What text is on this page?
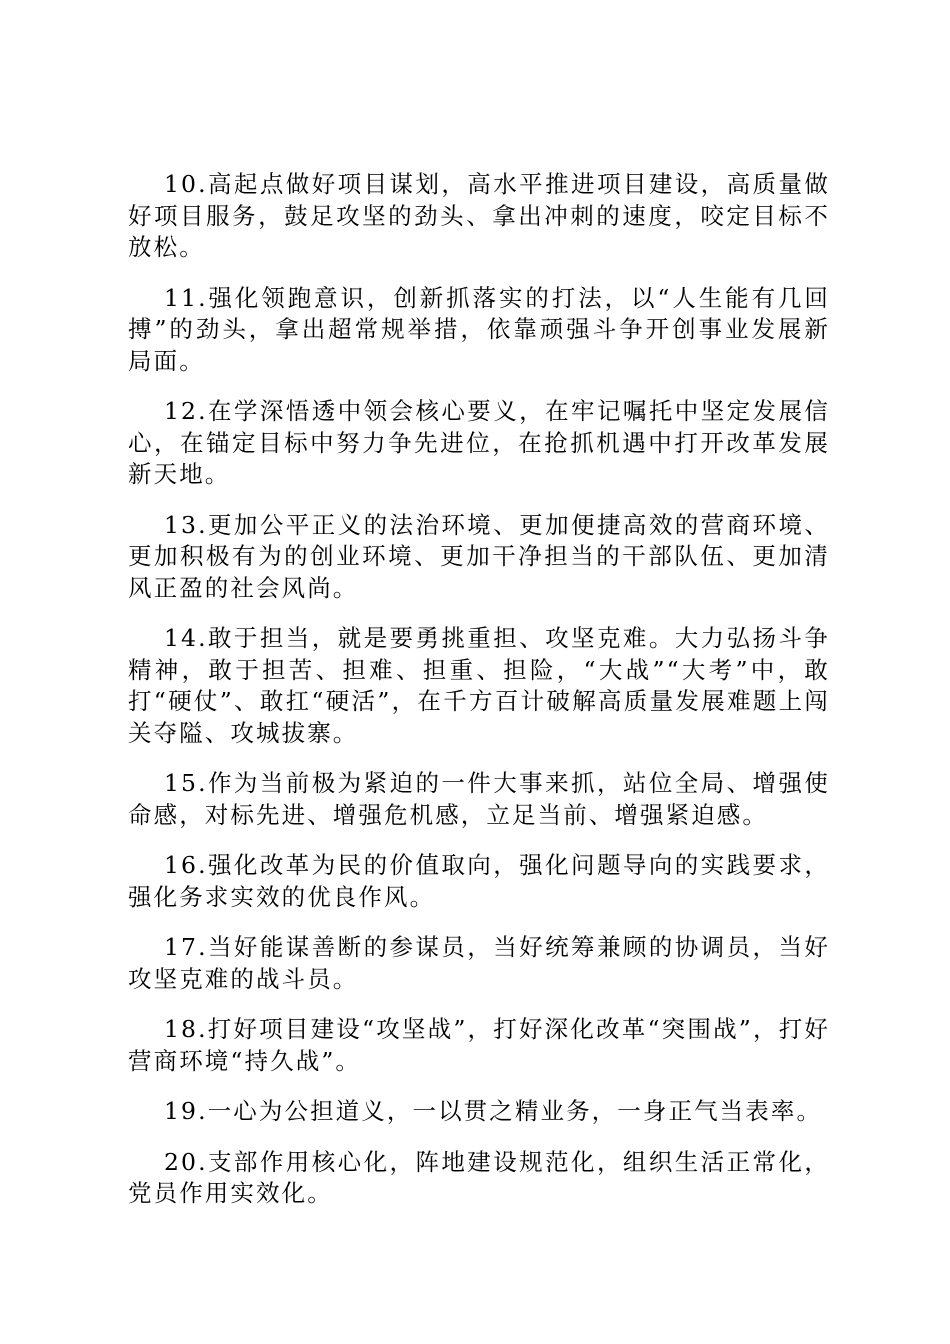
10.高起点做好项目谋划，高水平推进项目建设，高质量做好项目服务，鼓足攻坚的劲头、拿出冲刺的速度，咬定目标不放松。

11.强化领跑意识，创新抓落实的打法，以“人生能有几回搏”的劲头，拿出超常规举措，依靠顽强斗争开创事业发展新局面。

12.在学深悟透中领会核心要义，在牢记嘱托中坚定发展信心，在锚定目标中努力争先进位，在抢抓机遇中打开改革发展新天地。

13.更加公平正义的法治环境、更加便捷高效的营商环境、更加积极有为的创业环境、更加干净担当的干部队伍、更加清风正盈的社会风尚。

14.敢于担当，就是要勇挑重担、攻坚克难。大力弘扬斗争精神，敢于担苦、担难、担重、担险，“大战”“大考”中，敢打“硬仗”、敢扛“硬活”，在千方百计破解高质量发展难题上闯关夺隘、攻城拔寨。

15.作为当前极为紧迫的一件大事来抓，站位全局、增强使命感，对标先进、增强危机感，立足当前、增强紧迫感。

16.强化改革为民的价值取向，强化问题导向的实践要求，强化务求实效的优良作风。

17.当好能谋善断的参谋员，当好统筹兼顾的协调员，当好攻坚克难的战斗员。

18.打好项目建设“攻坚战”，打好深化改革“突围战”，打好营商环境“持久战”。

19.一心为公担道义，一以贯之精业务，一身正气当表率。

20.支部作用核心化，阵地建设规范化，组织生活正常化，党员作用实效化。
